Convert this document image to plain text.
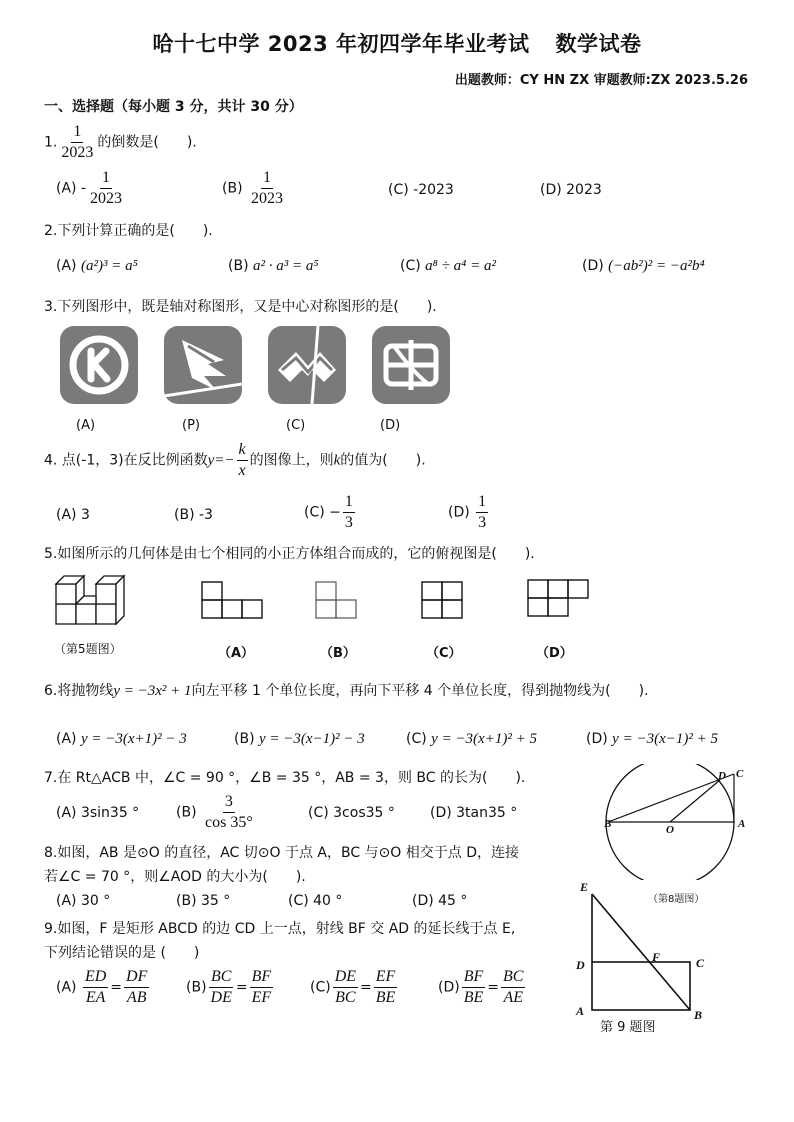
哈十七中学 2023 年初四学年毕业考试 数学试卷
出题教师：CY HN ZX 审题教师:ZX 2023.5.26
一、选择题（每小题 3 分，共计 30 分）
1. $\frac{1}{2023}$ 的倒数是(　　).
$(A) - \frac{1}{2023}$	$(B) \frac{1}{2023}$	(C) -2023	(D) 2023
2.下列计算正确的是(　　).
(A) (a²)³ = a⁵	(B) a² · a³ = a⁵	(C) a⁸ ÷ a⁴ = a²	(D) (−ab²)² = −a²b⁴
3.下列图形中，既是轴对称图形，又是中心对称图形的是(　　).
(A)	(P)	(C)	(D)
4. 点(-1，3)在反比例函数$y=- \frac{k}{x}$ 的图像上，则k的值为(　　).
(A) 3	(B) -3	$(C) - \frac{1}{3}$	$(D) \frac{1}{3}$
5.如图所示的几何体是由七个相同的小正方体组合而成的，它的俯视图是(　　).
（第5题图）	（A）	（B）	（C）	（D）
6.将抛物线y = −3x² + 1向左平移 1 个单位长度，再向下平移 4 个单位长度，得到抛物线为(　　).
(A) y = −3(x+1)² − 3	(B) y = −3(x−1)² − 3	(C) y = −3(x+1)² + 5	(D) y = −3(x−1)² + 5
7.在 Rt△ACB 中，∠C = 90 °，∠B = 35 °，AB = 3，则 BC 的长为(　　).
(A) 3sin35 °	$(B) \frac{3}{\cos 35^\circ}$	(C) 3cos35 °	(D) 3tan35 °
B	O	A
D C
（第8题图）
8.如图，AB 是⊙O 的直径，AC 切⊙O 于点 A，BC 与⊙O 相交于点 D，连接
若∠C = 70 °，则∠AOD 的大小为(　　).
(A) 30 °	(B) 35 °	(C) 40 °	(D) 45 °
9.如图，F 是矩形 ABCD 的边 CD 上一点，射线 BF 交 AD 的延长线于点 E,
下列结论错误的是 (　　)
$(A) \frac{ED}{EA} = \frac{DF}{AB}$	$(B) \frac{BC}{DE} = \frac{BF}{EF}$	$(C) \frac{DE}{BC} = \frac{EF}{BE}$	$(D) \frac{BF}{BE} = \frac{BC}{AE}$
E
D
F	C
A	B
第 9 题图
